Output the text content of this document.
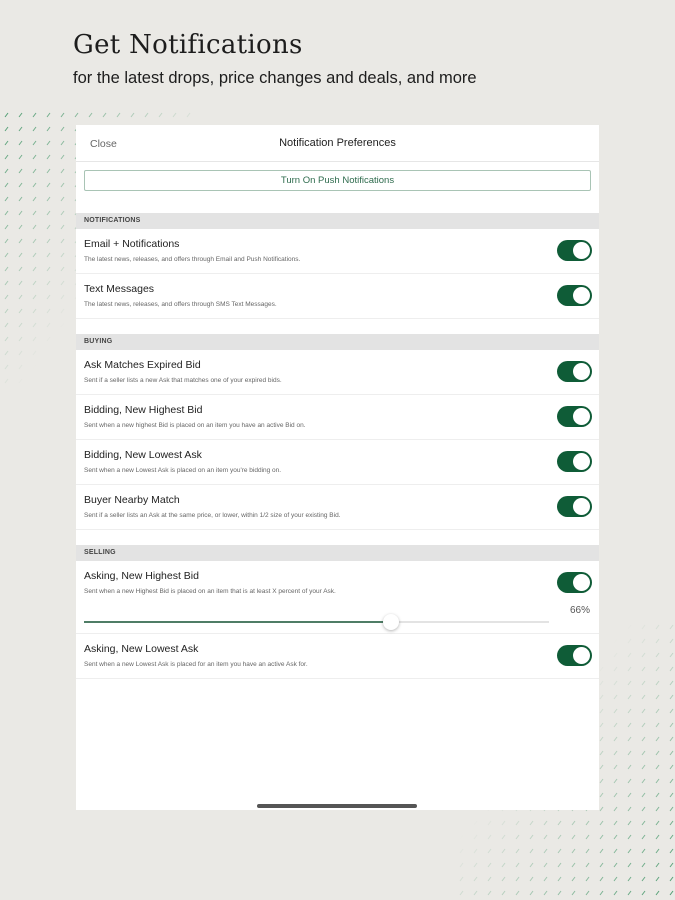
Get Notifications
for the latest drops, price changes and deals, and more
Close	Notification Preferences
Turn On Push Notifications
NOTIFICATIONS
Email + Notifications
The latest news, releases, and offers through Email and Push Notifications.
Text Messages
The latest news, releases, and offers through SMS Text Messages.
BUYING
Ask Matches Expired Bid
Sent if a seller lists a new Ask that matches one of your expired bids.
Bidding, New Highest Bid
Sent when a new highest Bid is placed on an item you have an active Bid on.
Bidding, New Lowest Ask
Sent when a new Lowest Ask is placed on an item you're bidding on.
Buyer Nearby Match
Sent if a seller lists an Ask at the same price, or lower, within 1/2 size of your existing Bid.
SELLING
Asking, New Highest Bid
Sent when a new Highest Bid is placed on an item that is at least X percent of your Ask.
Asking, New Lowest Ask
Sent when a new Lowest Ask is placed for an item you have an active Ask for.
66%
